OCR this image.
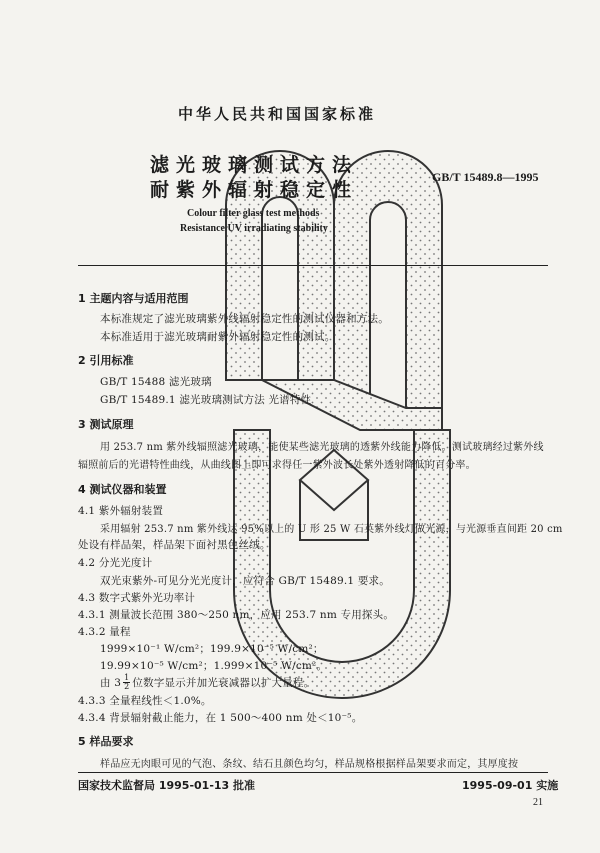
中华人民共和国国家标准
滤光玻璃测试方法
耐紫外辐射稳定性
GB/T 15489.8—1995
Colour filter glass test methods
Resistance UV irradiating stability
1 主题内容与适用范围
本标准规定了滤光玻璃紫外线辐射稳定性的测试仪器和方法。
本标准适用于滤光玻璃耐紫外辐射稳定性的测试。
2 引用标准
GB/T 15488 滤光玻璃
GB/T 15489.1 滤光玻璃测试方法 光谱特性
3 测试原理
用 253.7 nm 紫外线辐照滤光玻璃，能使某些滤光玻璃的透紫外线能力降低。测试玻璃经过紫外线
辐照前后的光谱特性曲线，从曲线图上即可求得任一紫外波长处紫外透射降低的百分率。
4 测试仪器和装置
4.1 紫外辐射装置
采用辐射 253.7 nm 紫外线达 95%以上的 U 形 25 W 石英紫外线灯做光源，与光源垂直间距 20 cm
处设有样品架，样品架下面衬黑色丝绒。
4.2 分光光度计
双光束紫外-可见分光光度计，应符合 GB/T 15489.1 要求。
4.3 数字式紫外光功率计
4.3.1 测量波长范围 380～250 nm，应用 253.7 nm 专用探头。
4.3.2 量程
1999×10⁻¹ W/cm²；199.9×10⁻⁵ W/cm²；
19.99×10⁻⁵ W/cm²；1.999×10⁻⁵ W/cm²。
由 $3 \frac{1}{2}$ 位数字显示并加光衰减器以扩大量程。
4.3.3 全量程线性＜1.0%。
4.3.4 背景辐射截止能力，在 1 500～400 nm 处＜10⁻⁵。
5 样品要求
样品应无肉眼可见的气泡、条纹、结石且颜色均匀，样品规格根据样品架要求而定，其厚度按
国家技术监督局 1995-01-13 批准	1995-09-01 实施
21
